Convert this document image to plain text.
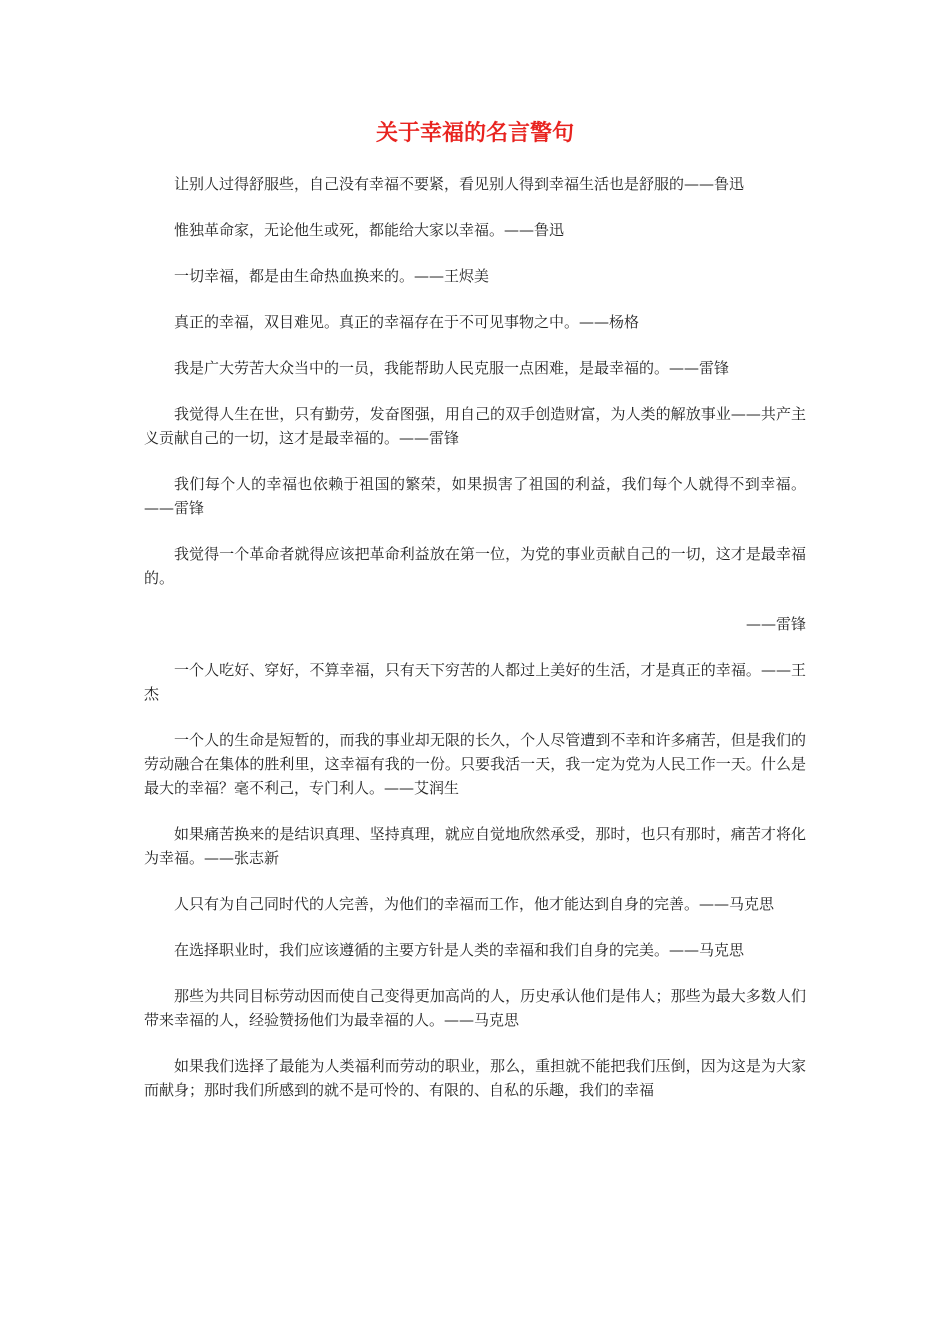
关于幸福的名言警句

让别人过得舒服些，自己没有幸福不要紧，看见别人得到幸福生活也是舒服的——鲁迅

惟独革命家，无论他生或死，都能给大家以幸福。——鲁迅

一切幸福，都是由生命热血换来的。——王烬美

真正的幸福，双目难见。真正的幸福存在于不可见事物之中。——杨格

我是广大劳苦大众当中的一员，我能帮助人民克服一点困难，是最幸福的。——雷锋

我觉得人生在世，只有勤劳，发奋图强，用自己的双手创造财富，为人类的解放事业——共产主义贡献自己的一切，这才是最幸福的。——雷锋

我们每个人的幸福也依赖于祖国的繁荣，如果损害了祖国的利益，我们每个人就得不到幸福。——雷锋

我觉得一个革命者就得应该把革命利益放在第一位，为党的事业贡献自己的一切，这才是最幸福的。

——雷锋

一个人吃好、穿好，不算幸福，只有天下穷苦的人都过上美好的生活，才是真正的幸福。——王杰

一个人的生命是短暂的，而我的事业却无限的长久，个人尽管遭到不幸和许多痛苦，但是我们的劳动融合在集体的胜利里，这幸福有我的一份。只要我活一天，我一定为党为人民工作一天。什么是最大的幸福？毫不利己，专门利人。——艾润生

如果痛苦换来的是结识真理、坚持真理，就应自觉地欣然承受，那时，也只有那时，痛苦才将化为幸福。——张志新

人只有为自己同时代的人完善，为他们的幸福而工作，他才能达到自身的完善。——马克思

在选择职业时，我们应该遵循的主要方针是人类的幸福和我们自身的完美。——马克思

那些为共同目标劳动因而使自己变得更加高尚的人，历史承认他们是伟人；那些为最大多数人们带来幸福的人，经验赞扬他们为最幸福的人。——马克思

如果我们选择了最能为人类福利而劳动的职业，那么，重担就不能把我们压倒，因为这是为大家而献身；那时我们所感到的就不是可怜的、有限的、自私的乐趣，我们的幸福
